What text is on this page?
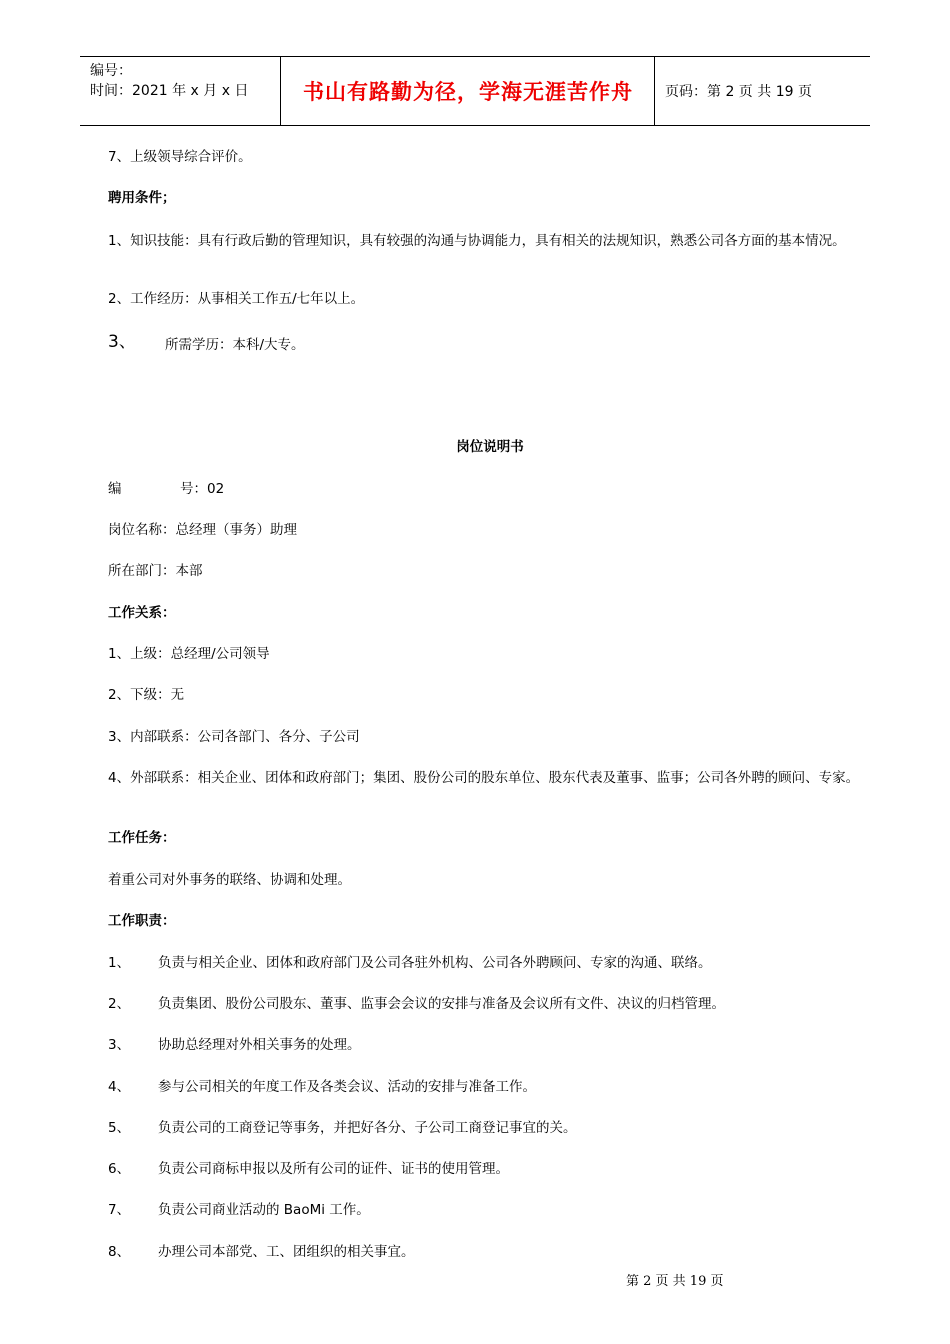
编号：
时间：2021 年 x 月 x 日	书山有路勤为径，学海无涯苦作舟	页码：第 2 页 共 19 页
7、上级领导综合评价。
聘用条件；
1、知识技能：具有行政后勤的管理知识，具有较强的沟通与协调能力，具有相关的法规知识，熟悉公司各方面的基本情况。
2、工作经历：从事相关工作五/七年以上。
3、 所需学历：本科/大专。
岗位说明书
编	号：02
岗位名称：总经理（事务）助理
所在部门：本部
工作关系：
1、上级：总经理/公司领导
2、下级：无
3、内部联系：公司各部门、各分、子公司
4、外部联系：相关企业、团体和政府部门；集团、股份公司的股东单位、股东代表及董事、监事；公司各外聘的顾问、专家。
工作任务：
着重公司对外事务的联络、协调和处理。
工作职责：
1、 负责与相关企业、团体和政府部门及公司各驻外机构、公司各外聘顾问、专家的沟通、联络。
2、 负责集团、股份公司股东、董事、监事会会议的安排与准备及会议所有文件、决议的归档管理。
3、 协助总经理对外相关事务的处理。
4、 参与公司相关的年度工作及各类会议、活动的安排与准备工作。
5、 负责公司的工商登记等事务，并把好各分、子公司工商登记事宜的关。
6、 负责公司商标申报以及所有公司的证件、证书的使用管理。
7、 负责公司商业活动的 BaoMi 工作。
8、 办理公司本部党、工、团组织的相关事宜。
第 2 页 共 19 页
